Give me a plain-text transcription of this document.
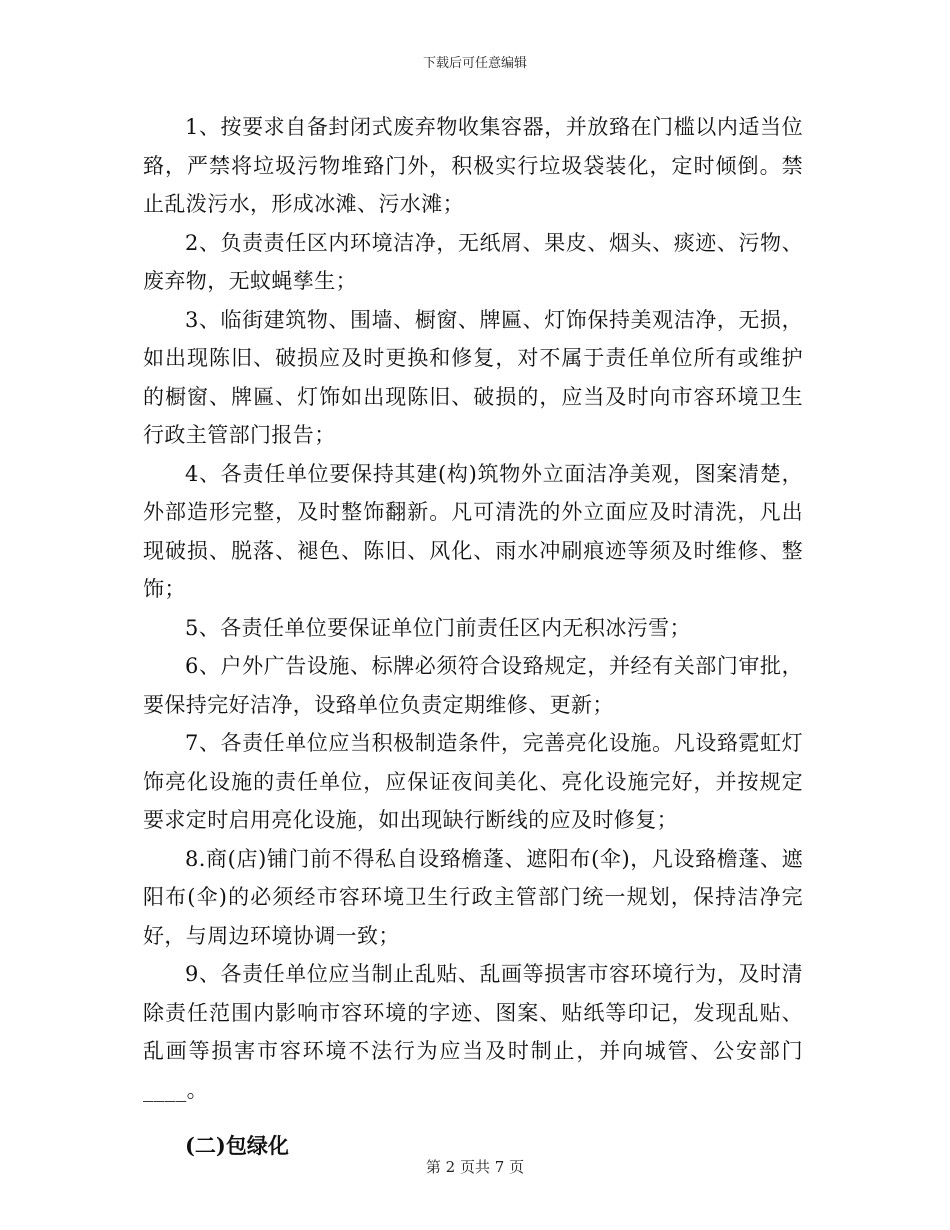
下载后可任意编辑

1、按要求自备封闭式废弃物收集容器，并放臵在门槛以内适当位臵，严禁将垃圾污物堆臵门外，积极实行垃圾袋装化，定时倾倒。禁止乱泼污水，形成冰滩、污水滩；

2、负责责任区内环境洁净，无纸屑、果皮、烟头、痰迹、污物、废弃物，无蚊蝇孳生；

3、临街建筑物、围墙、橱窗、牌匾、灯饰保持美观洁净，无损，如出现陈旧、破损应及时更换和修复，对不属于责任单位所有或维护的橱窗、牌匾、灯饰如出现陈旧、破损的，应当及时向市容环境卫生行政主管部门报告；

4、各责任单位要保持其建(构)筑物外立面洁净美观，图案清楚，外部造形完整，及时整饰翻新。凡可清洗的外立面应及时清洗，凡出现破损、脱落、褪色、陈旧、风化、雨水冲刷痕迹等须及时维修、整饰；

5、各责任单位要保证单位门前责任区内无积冰污雪；

6、户外广告设施、标牌必须符合设臵规定，并经有关部门审批，要保持完好洁净，设臵单位负责定期维修、更新；

7、各责任单位应当积极制造条件，完善亮化设施。凡设臵霓虹灯饰亮化设施的责任单位，应保证夜间美化、亮化设施完好，并按规定要求定时启用亮化设施，如出现缺行断线的应及时修复；

8.商(店)铺门前不得私自设臵檐蓬、遮阳布(伞)，凡设臵檐蓬、遮阳布(伞)的必须经市容环境卫生行政主管部门统一规划，保持洁净完好，与周边环境协调一致；

9、各责任单位应当制止乱贴、乱画等损害市容环境行为，及时清除责任范围内影响市容环境的字迹、图案、贴纸等印记，发现乱贴、乱画等损害市容环境不法行为应当及时制止，并向城管、公安部门____。

(二)包绿化

第 2 页共 7 页
